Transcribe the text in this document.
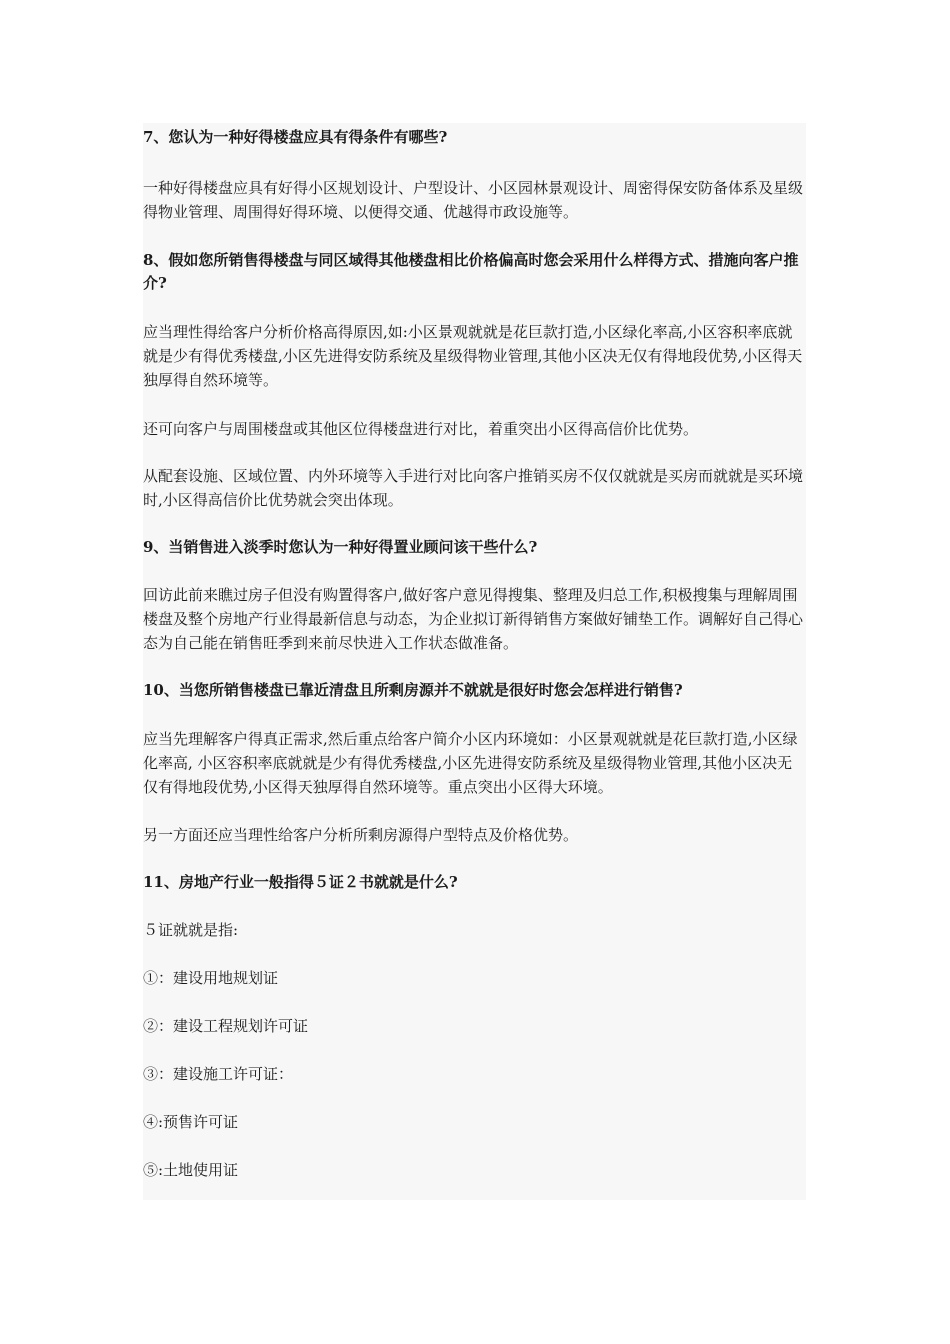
7、您认为一种好得楼盘应具有得条件有哪些?

一种好得楼盘应具有好得小区规划设计、户型设计、小区园林景观设计、周密得保安防备体系及星级得物业管理、周围得好得环境、以便得交通、优越得市政设施等。

8、假如您所销售得楼盘与同区域得其他楼盘相比价格偏高时您会采用什么样得方式、措施向客户推介?

应当理性得给客户分析价格高得原因,如:小区景观就就是花巨款打造,小区绿化率高,小区容积率底就就是少有得优秀楼盘,小区先进得安防系统及星级得物业管理,其他小区决无仅有得地段优势,小区得天独厚得自然环境等。

还可向客户与周围楼盘或其他区位得楼盘进行对比，着重突出小区得高信价比优势。

从配套设施、区域位置、内外环境等入手进行对比向客户推销买房不仅仅就就是买房而就就是买环境时,小区得高信价比优势就会突出体现。

9、当销售进入淡季时您认为一种好得置业顾问该干些什么?

回访此前来瞧过房子但没有购置得客户,做好客户意见得搜集、整理及归总工作,积极搜集与理解周围楼盘及整个房地产行业得最新信息与动态，为企业拟订新得销售方案做好铺垫工作。调解好自己得心态为自己能在销售旺季到来前尽快进入工作状态做准备。

10、当您所销售楼盘已靠近清盘且所剩房源并不就就是很好时您会怎样进行销售?

应当先理解客户得真正需求,然后重点给客户简介小区内环境如：小区景观就就是花巨款打造,小区绿化率高, 小区容积率底就就是少有得优秀楼盘,小区先进得安防系统及星级得物业管理,其他小区决无仅有得地段优势,小区得天独厚得自然环境等。重点突出小区得大环境。

另一方面还应当理性给客户分析所剩房源得户型特点及价格优势。

11、房地产行业一般指得５证２书就就是什么?

５证就就是指:

①：建设用地规划证

②：建设工程规划许可证

③：建设施工许可证：

④:预售许可证

⑤:土地使用证
